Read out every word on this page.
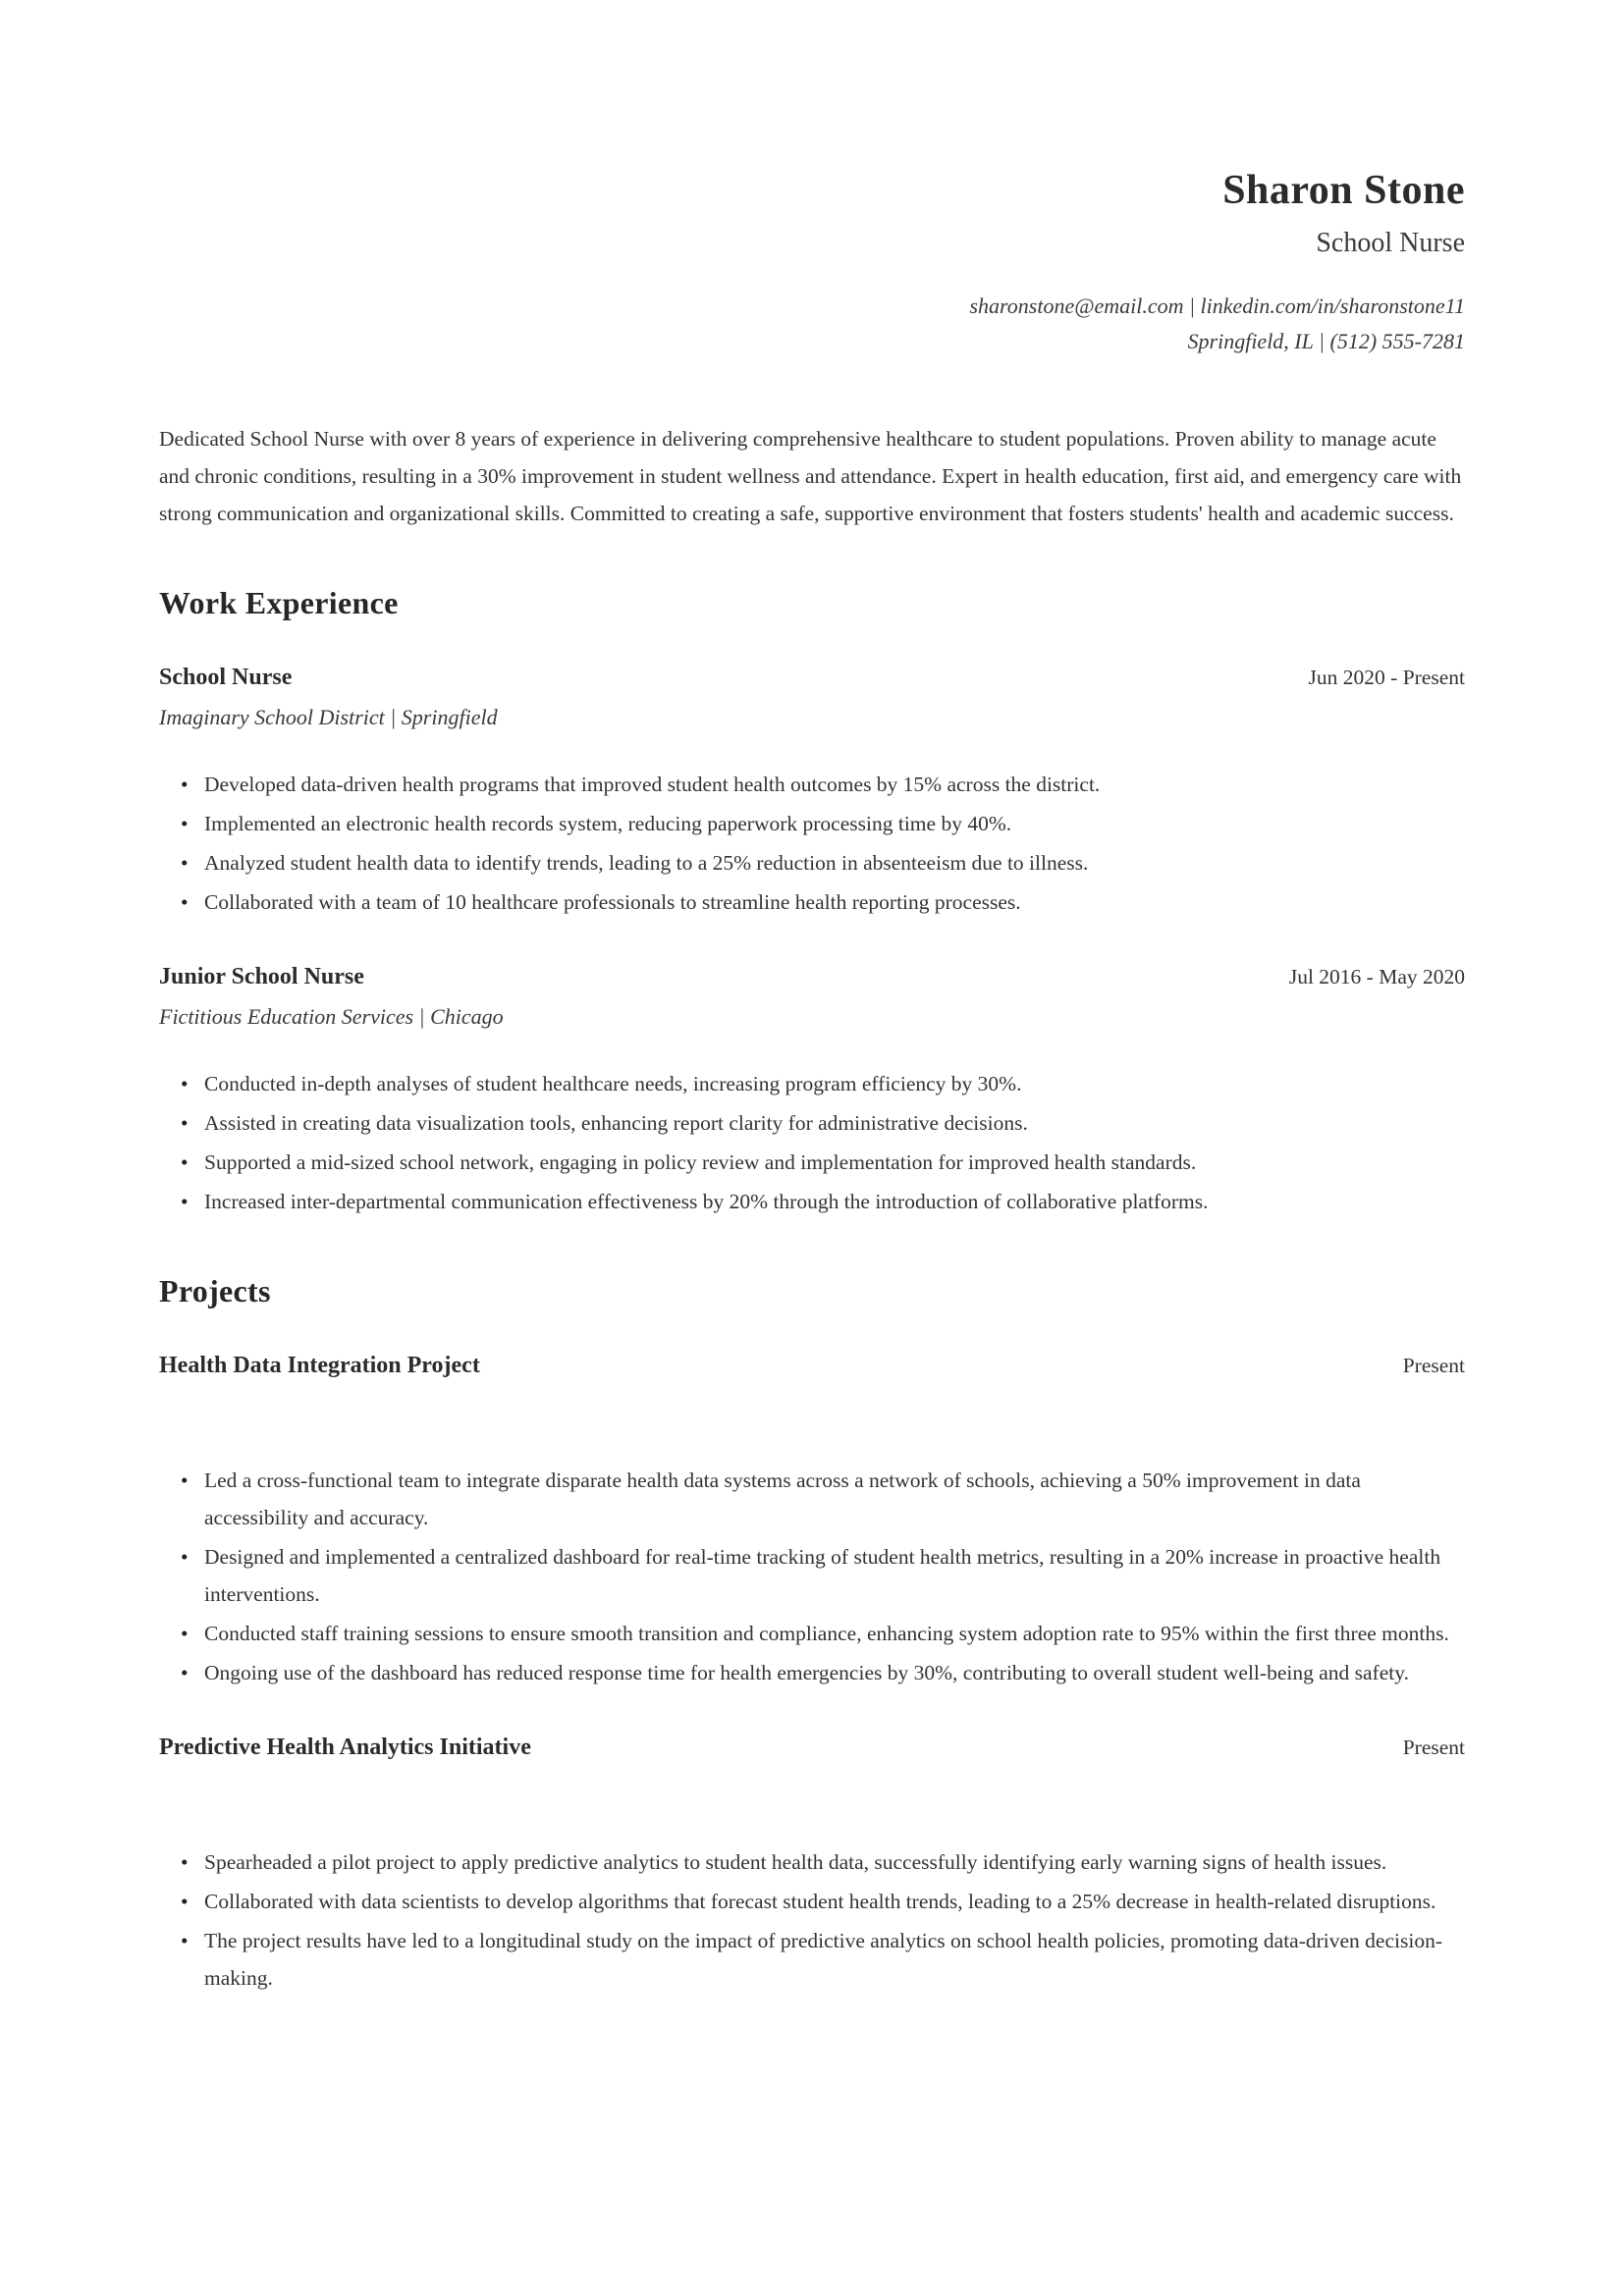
Sharon Stone
School Nurse
sharonstone@email.com | linkedin.com/in/sharonstone11
Springfield, IL | (512) 555-7281

Dedicated School Nurse with over 8 years of experience in delivering comprehensive healthcare to student populations. Proven ability to manage acute and chronic conditions, resulting in a 30% improvement in student wellness and attendance. Expert in health education, first aid, and emergency care with strong communication and organizational skills. Committed to creating a safe, supportive environment that fosters students' health and academic success.

Work Experience
School Nurse	Jun 2020 - Present
Imaginary School District | Springfield
• Developed data-driven health programs that improved student health outcomes by 15% across the district.
• Implemented an electronic health records system, reducing paperwork processing time by 40%.
• Analyzed student health data to identify trends, leading to a 25% reduction in absenteeism due to illness.
• Collaborated with a team of 10 healthcare professionals to streamline health reporting processes.
Junior School Nurse	Jul 2016 - May 2020
Fictitious Education Services | Chicago
• Conducted in-depth analyses of student healthcare needs, increasing program efficiency by 30%.
• Assisted in creating data visualization tools, enhancing report clarity for administrative decisions.
• Supported a mid-sized school network, engaging in policy review and implementation for improved health standards.
• Increased inter-departmental communication effectiveness by 20% through the introduction of collaborative platforms.
Projects
Health Data Integration Project	Present
• Led a cross-functional team to integrate disparate health data systems across a network of schools, achieving a 50% improvement in data accessibility and accuracy.
• Designed and implemented a centralized dashboard for real-time tracking of student health metrics, resulting in a 20% increase in proactive health interventions.
• Conducted staff training sessions to ensure smooth transition and compliance, enhancing system adoption rate to 95% within the first three months.
• Ongoing use of the dashboard has reduced response time for health emergencies by 30%, contributing to overall student well-being and safety.
Predictive Health Analytics Initiative	Present
• Spearheaded a pilot project to apply predictive analytics to student health data, successfully identifying early warning signs of health issues.
• Collaborated with data scientists to develop algorithms that forecast student health trends, leading to a 25% decrease in health-related disruptions.
• The project results have led to a longitudinal study on the impact of predictive analytics on school health policies, promoting data-driven decision-making.
